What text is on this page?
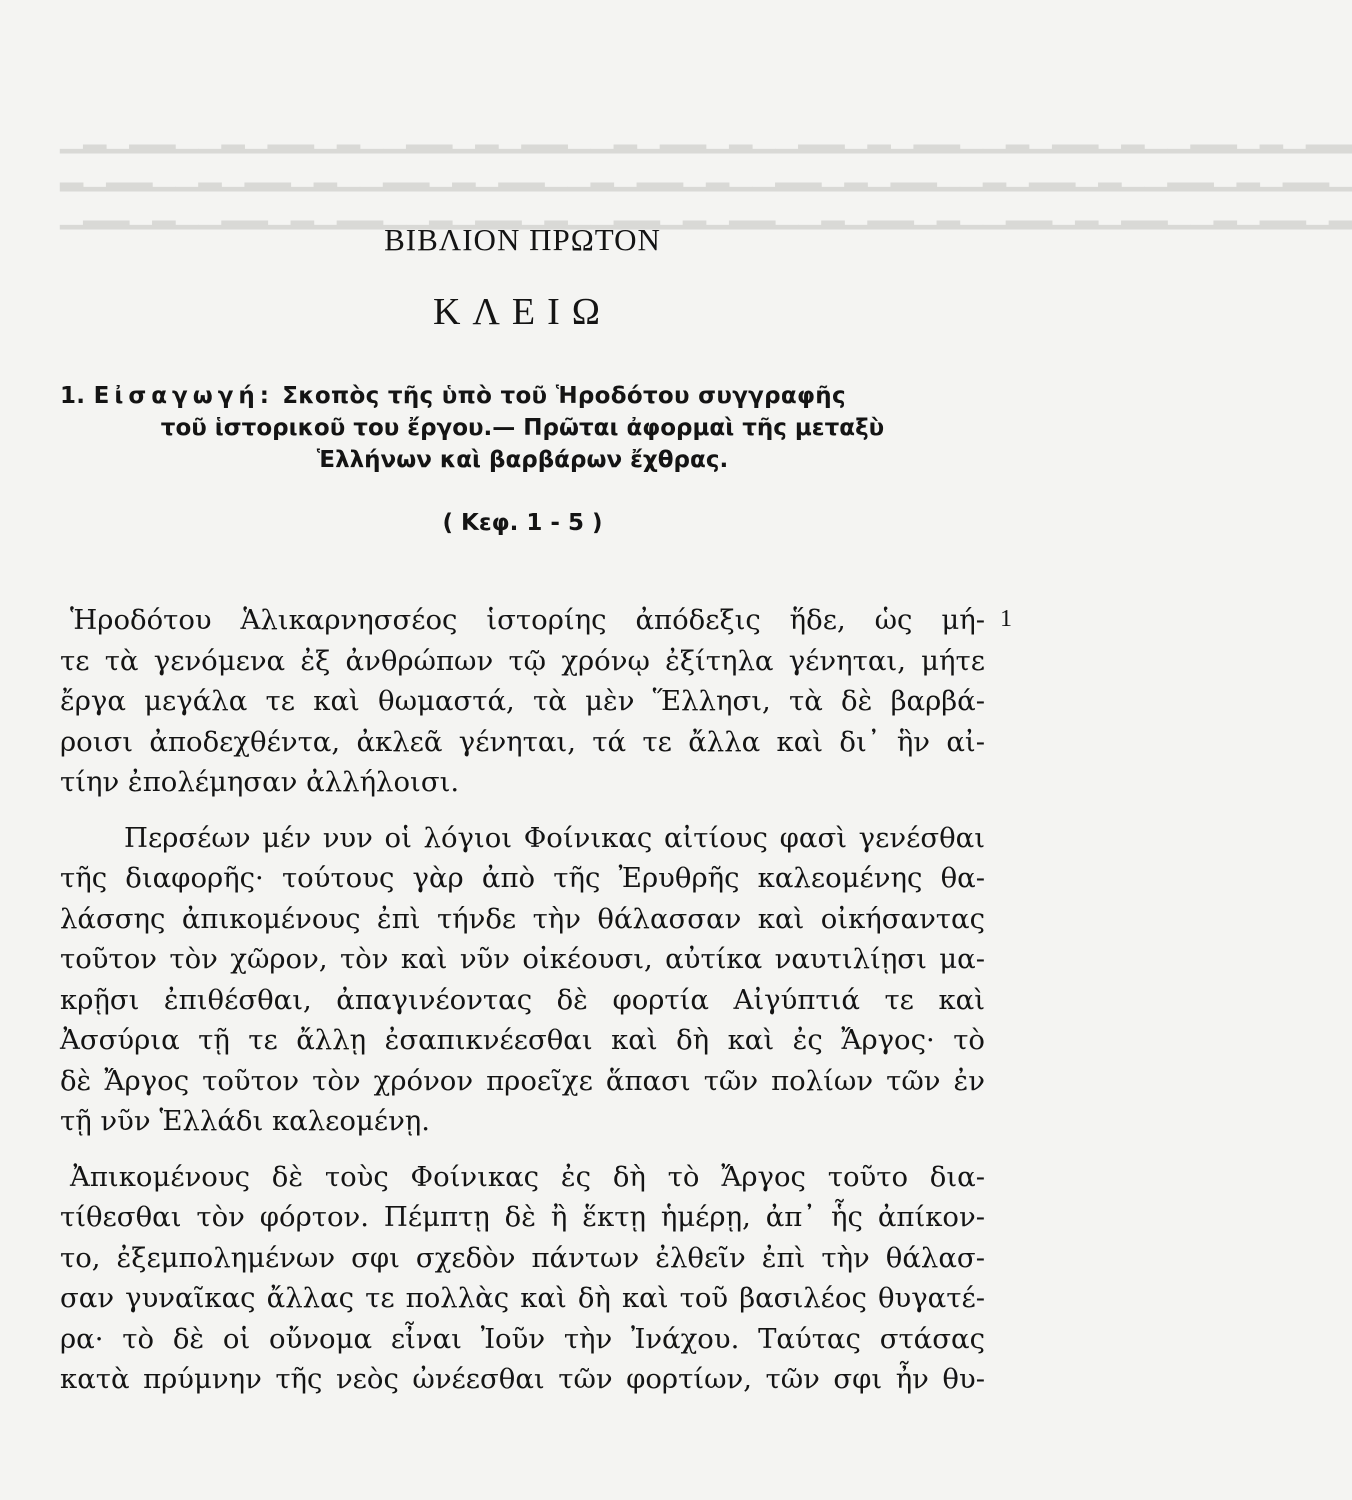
▁▂▁▂▂▁▁▂▁▂▂▁▂▁▁▂▂▁▂▁▂▂▁▁▂▁▂▂▁▂▁▁▂▂▁▂▁▂▂▁▁▂▁▂▂▁▂▁▁▂▂▁▂▁▂▂
▂▁▂▂▁▁▂▁▂▂▁▂▁▁▂▂▁▂▁▂▂▁▁▂▁▂▂▁▂▁▁▂▂▁▂▁▂▂▁▁▂▁▂▂▁▂▁▁▂▂▁▂▁▂▂▁
▁▂▂▁▂▁▁▂▂▁▂▁▂▂▁▁▂▁▂▂▁▂▁▁▂▂▁▂▁▂▂▁▁▂▁▂▂▁▂▁▁▂▂▁▂▁▂▂▁▁▂▁▂▂▁▂
ΒΙΒΛΙΟΝ ΠΡΩΤΟΝ
ΚΛΕΙΩ
1. Εἰσαγωγή: Σκοπὸς τῆς ὑπὸ τοῦ Ἡροδότου συγγραφῆς
τοῦ ἱστορικοῦ του ἔργου.— Πρῶται ἀφορμαὶ τῆς μεταξὺ
Ἑλλήνων καὶ βαρβάρων ἔχθρας.
( Κεφ. 1 - 5 )

Ἡροδότου Ἁλικαρνησσέος ἱστορίης ἀπόδεξις ἥδε, ὡς μή-
τε τὰ γενόμενα ἐξ ἀνθρώπων τῷ χρόνῳ ἐξίτηλα γένηται, μήτε
ἔργα μεγάλα τε καὶ θωμαστά, τὰ μὲν Ἕλλησι, τὰ δὲ βαρβά-
ροισι ἀποδεχθέντα, ἀκλεᾶ γένηται, τά τε ἄλλα καὶ δι᾽ ἣν αἰ-
τίην ἐπολέμησαν ἀλλήλοισι.

Περσέων μέν νυν οἱ λόγιοι Φοίνικας αἰτίους φασὶ γενέσθαι
τῆς διαφορῆς· τούτους γὰρ ἀπὸ τῆς Ἐρυθρῆς καλεομένης θα-
λάσσης ἀπικομένους ἐπὶ τήνδε τὴν θάλασσαν καὶ οἰκήσαντας
τοῦτον τὸν χῶρον, τὸν καὶ νῦν οἰκέουσι, αὐτίκα ναυτιλίῃσι μα-
κρῇσι ἐπιθέσθαι, ἀπαγινέοντας δὲ φορτία Αἰγύπτιά τε καὶ
Ἀσσύρια τῇ τε ἄλλῃ ἐσαπικνέεσθαι καὶ δὴ καὶ ἐς Ἄργος· τὸ
δὲ Ἄργος τοῦτον τὸν χρόνον προεῖχε ἅπασι τῶν πολίων τῶν ἐν
τῇ νῦν Ἑλλάδι καλεομένῃ.

Ἀπικομένους δὲ τοὺς Φοίνικας ἐς δὴ τὸ Ἄργος τοῦτο δια-
τίθεσθαι τὸν φόρτον. Πέμπτῃ δὲ ἢ ἕκτῃ ἡμέρῃ, ἀπ᾽ ἧς ἀπίκον-
το, ἐξεμπολημένων σφι σχεδὸν πάντων ἐλθεῖν ἐπὶ τὴν θάλασ-
σαν γυναῖκας ἄλλας τε πολλὰς καὶ δὴ καὶ τοῦ βασιλέος θυγατέ-
ρα· τὸ δὲ οἱ οὔνομα εἶναι Ἰοῦν τὴν Ἰνάχου. Ταύτας στάσας
κατὰ πρύμνην τῆς νεὸς ὠνέεσθαι τῶν φορτίων, τῶν σφι ἦν θυ-

1
